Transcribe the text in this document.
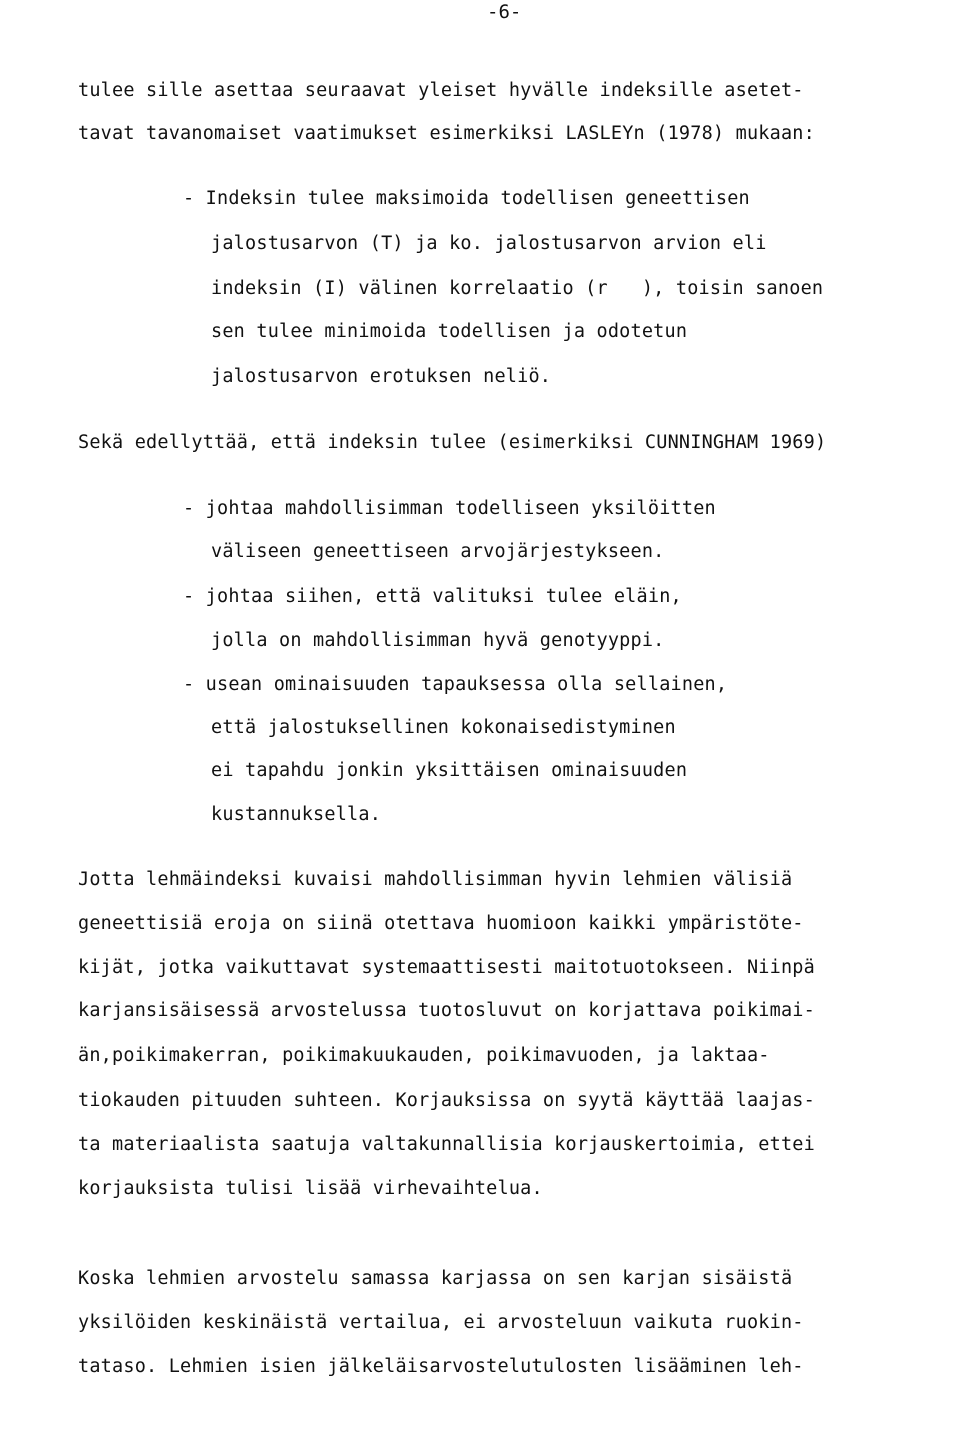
-6-
tulee sille asettaa seuraavat yleiset hyvälle indeksille asetet-
tavat tavanomaiset vaatimukset esimerkiksi LASLEYn (1978) mukaan:
- Indeksin tulee maksimoida todellisen geneettisen
jalostusarvon (T) ja ko. jalostusarvon arvion eli
indeksin (I) välinen korrelaatio (r   ), toisin sanoen
sen tulee minimoida todellisen ja odotetun
jalostusarvon erotuksen neliö.
Sekä edellyttää, että indeksin tulee (esimerkiksi CUNNINGHAM 1969)
- johtaa mahdollisimman todelliseen yksilöitten
väliseen geneettiseen arvojärjestykseen.
- johtaa siihen, että valituksi tulee eläin,
jolla on mahdollisimman hyvä genotyyppi.
- usean ominaisuuden tapauksessa olla sellainen,
että jalostuksellinen kokonaisedistyminen
ei tapahdu jonkin yksittäisen ominaisuuden
kustannuksella.
Jotta lehmäindeksi kuvaisi mahdollisimman hyvin lehmien välisiä
geneettisiä eroja on siinä otettava huomioon kaikki ympäristöte-
kijät, jotka vaikuttavat systemaattisesti maitotuotokseen. Niinpä
karjansisäisessä arvostelussa tuotosluvut on korjattava poikimai-
än,poikimakerran, poikimakuukauden, poikimavuoden, ja laktaa-
tiokauden pituuden suhteen. Korjauksissa on syytä käyttää laajas-
ta materiaalista saatuja valtakunnallisia korjauskertoimia, ettei
korjauksista tulisi lisää virhevaihtelua.
Koska lehmien arvostelu samassa karjassa on sen karjan sisäistä
yksilöiden keskinäistä vertailua, ei arvosteluun vaikuta ruokin-
tataso. Lehmien isien jälkeläisarvostelutulosten lisääminen leh-
